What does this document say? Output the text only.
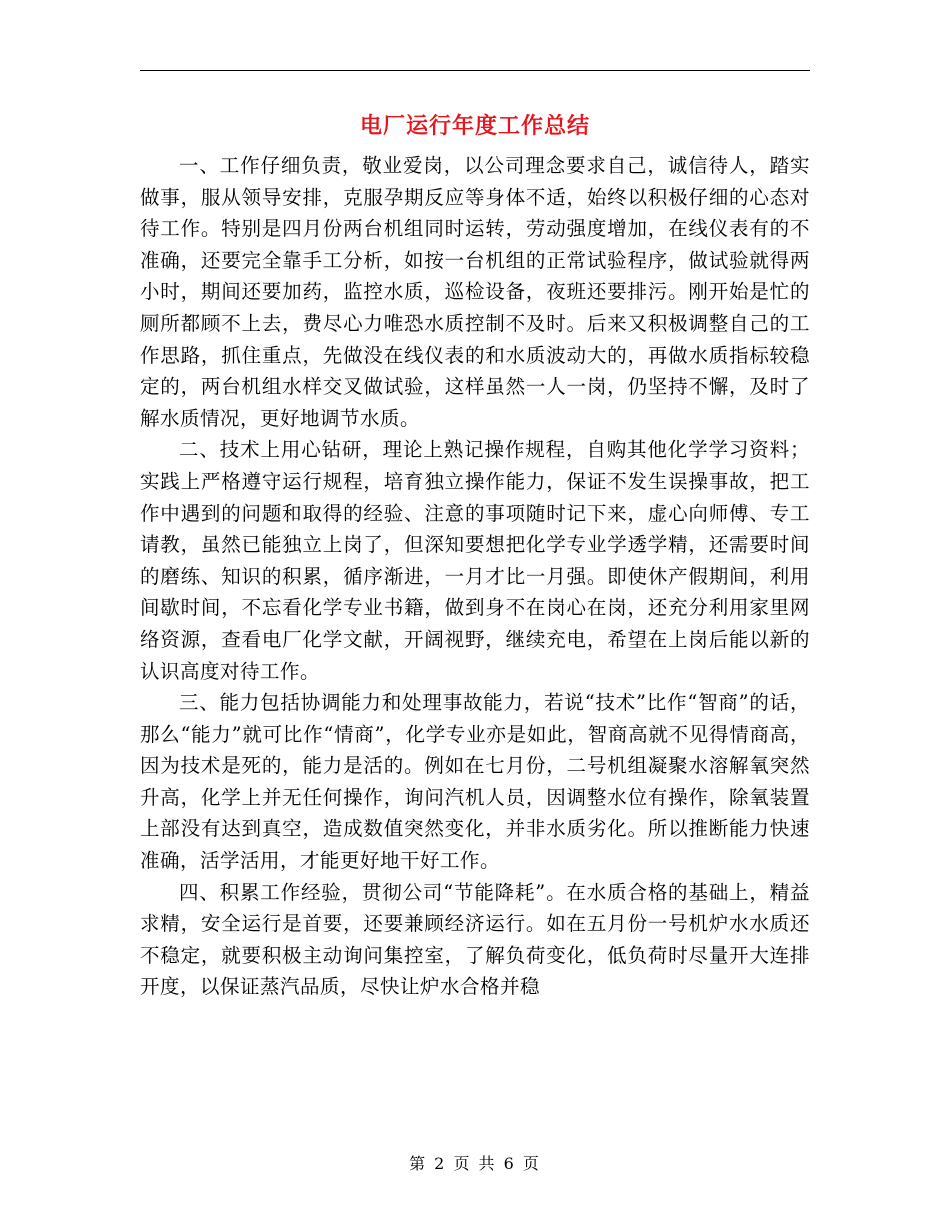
电厂运行年度工作总结

一、工作仔细负责，敬业爱岗，以公司理念要求自己，诚信待人，踏实做事，服从领导安排，克服孕期反应等身体不适，始终以积极仔细的心态对待工作。特别是四月份两台机组同时运转，劳动强度增加，在线仪表有的不准确，还要完全靠手工分析，如按一台机组的正常试验程序，做试验就得两小时，期间还要加药，监控水质，巡检设备，夜班还要排污。刚开始是忙的厕所都顾不上去，费尽心力唯恐水质控制不及时。后来又积极调整自己的工作思路，抓住重点，先做没在线仪表的和水质波动大的，再做水质指标较稳定的，两台机组水样交叉做试验，这样虽然一人一岗，仍坚持不懈，及时了解水质情况，更好地调节水质。

二、技术上用心钻研，理论上熟记操作规程，自购其他化学学习资料；实践上严格遵守运行规程，培育独立操作能力，保证不发生误操事故，把工作中遇到的问题和取得的经验、注意的事项随时记下来，虚心向师傅、专工请教，虽然已能独立上岗了，但深知要想把化学专业学透学精，还需要时间的磨练、知识的积累，循序渐进，一月才比一月强。即使休产假期间，利用间歇时间，不忘看化学专业书籍，做到身不在岗心在岗，还充分利用家里网络资源，查看电厂化学文献，开阔视野，继续充电，希望在上岗后能以新的认识高度对待工作。

三、能力包括协调能力和处理事故能力，若说“技术”比作“智商”的话，那么“能力”就可比作“情商”，化学专业亦是如此，智商高就不见得情商高，因为技术是死的，能力是活的。例如在七月份，二号机组凝聚水溶解氧突然升高，化学上并无任何操作，询问汽机人员，因调整水位有操作，除氧装置上部没有达到真空，造成数值突然变化，并非水质劣化。所以推断能力快速准确，活学活用，才能更好地干好工作。

四、积累工作经验，贯彻公司“节能降耗”。在水质合格的基础上，精益求精，安全运行是首要，还要兼顾经济运行。如在五月份一号机炉水水质还不稳定，就要积极主动询问集控室，了解负荷变化，低负荷时尽量开大连排开度，以保证蒸汽品质，尽快让炉水合格并稳

第 2 页 共 6 页
